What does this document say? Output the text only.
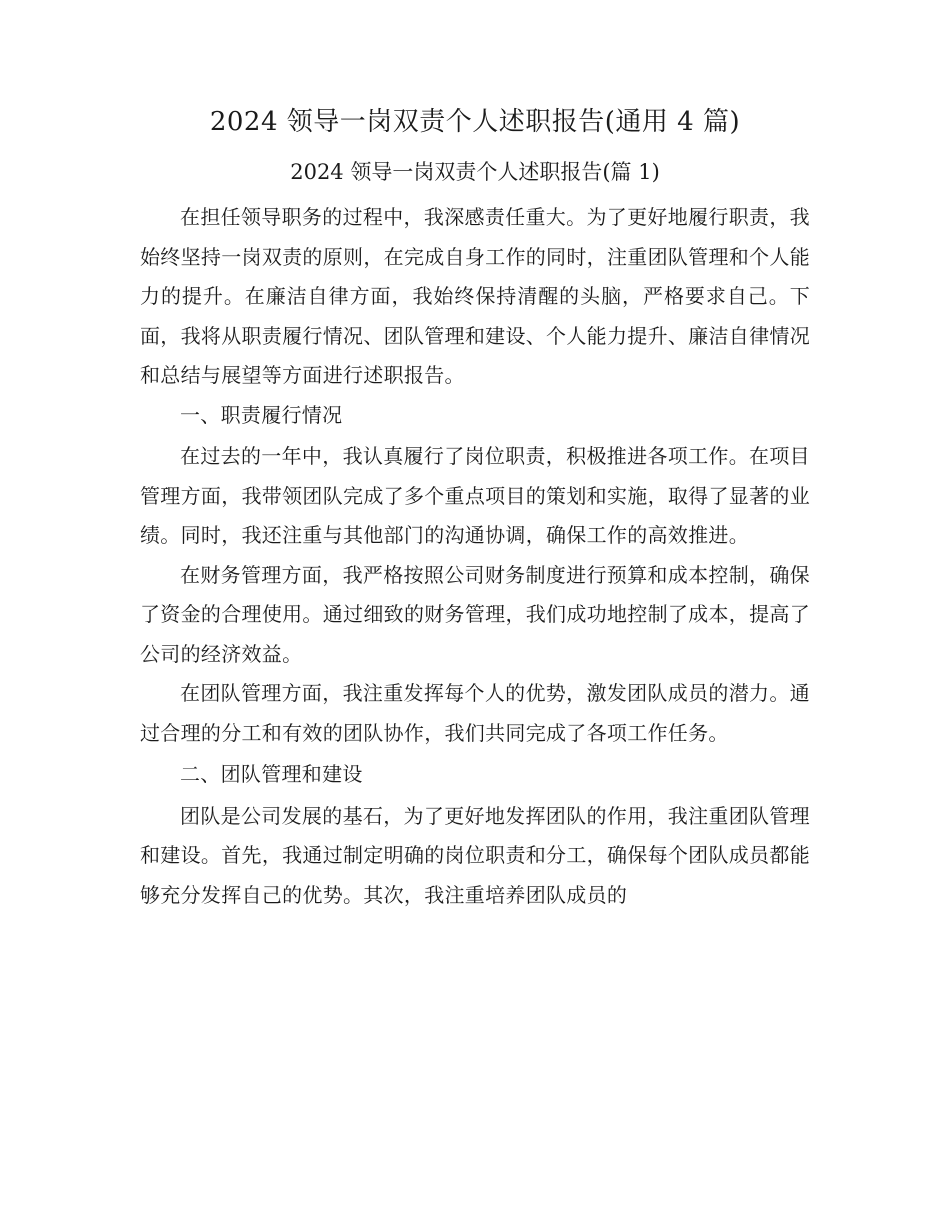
2024 领导一岗双责个人述职报告(通用 4 篇)
2024 领导一岗双责个人述职报告(篇 1)

在担任领导职务的过程中，我深感责任重大。为了更好地履行职责，我始终坚持一岗双责的原则，在完成自身工作的同时，注重团队管理和个人能力的提升。在廉洁自律方面，我始终保持清醒的头脑，严格要求自己。下面，我将从职责履行情况、团队管理和建设、个人能力提升、廉洁自律情况和总结与展望等方面进行述职报告。

一、职责履行情况

在过去的一年中，我认真履行了岗位职责，积极推进各项工作。在项目管理方面，我带领团队完成了多个重点项目的策划和实施，取得了显著的业绩。同时，我还注重与其他部门的沟通协调，确保工作的高效推进。

在财务管理方面，我严格按照公司财务制度进行预算和成本控制，确保了资金的合理使用。通过细致的财务管理，我们成功地控制了成本，提高了公司的经济效益。

在团队管理方面，我注重发挥每个人的优势，激发团队成员的潜力。通过合理的分工和有效的团队协作，我们共同完成了各项工作任务。

二、团队管理和建设

团队是公司发展的基石，为了更好地发挥团队的作用，我注重团队管理和建设。首先，我通过制定明确的岗位职责和分工，确保每个团队成员都能够充分发挥自己的优势。其次，我注重培养团队成员的
